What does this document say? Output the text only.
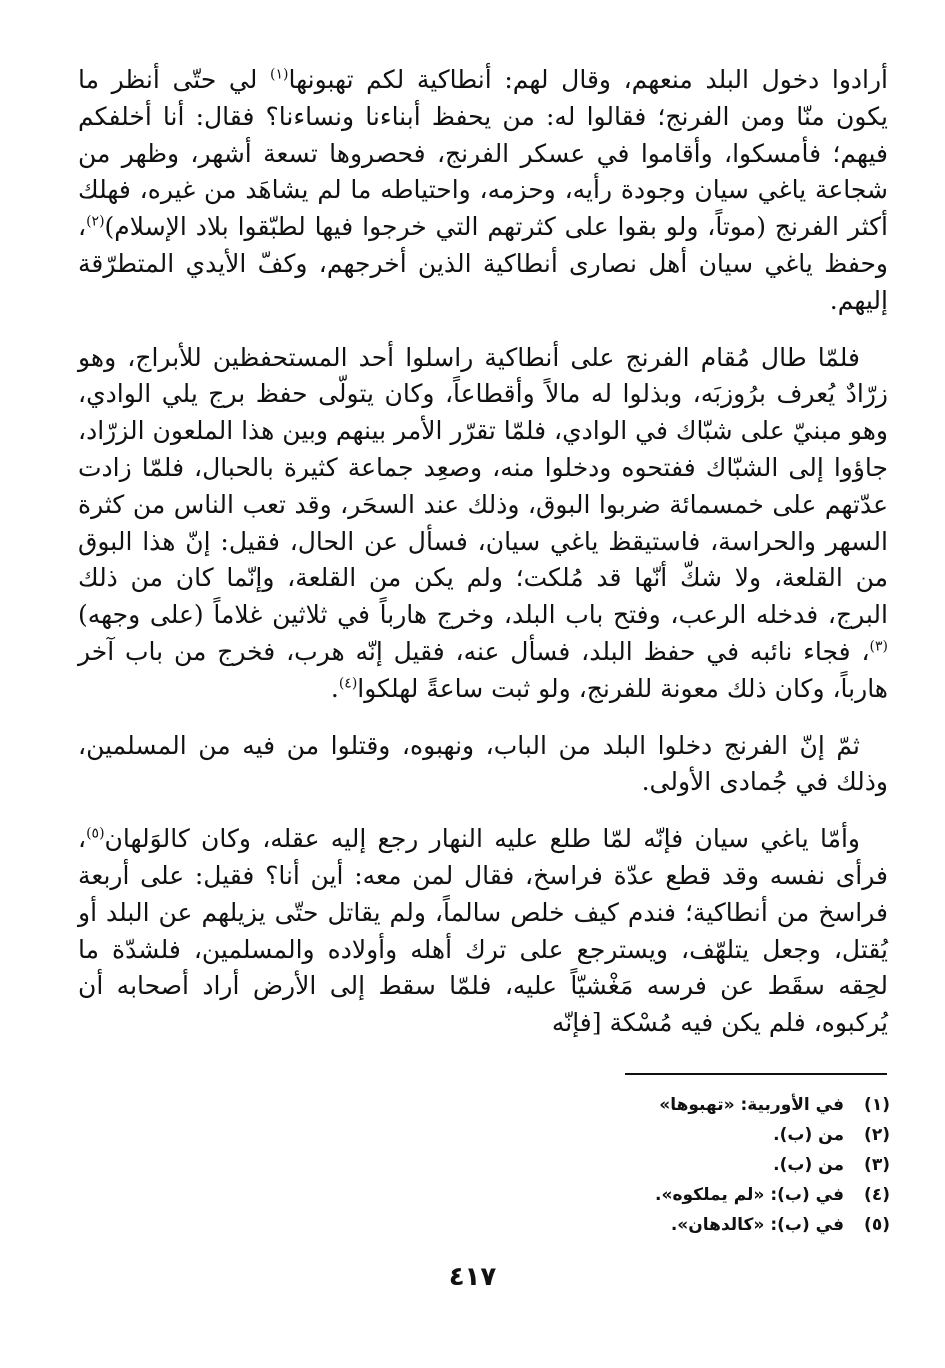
أرادوا دخول البلد منعهم، وقال لهم: أنطاكية لكم تهبونها$^{(١)}$ لي حتّى أنظر ما يكون منّا ومن الفرنج؛ فقالوا له: من يحفظ أبناءنا ونساءنا؟ فقال: أنا أخلفكم فيهم؛ فأمسكوا، وأقاموا في عسكر الفرنج، فحصروها تسعة أشهر، وظهر من شجاعة ياغي سيان وجودة رأيه، وحزمه، واحتياطه ما لم يشاهَد من غيره، فهلك أكثر الفرنج (موتاً، ولو بقوا على كثرتهم التي خرجوا فيها لطبّقوا بلاد الإسلام)$^{(٢)}$، وحفظ ياغي سيان أهل نصارى أنطاكية الذين أخرجهم، وكفّ الأيدي المتطرّقة إليهم.

فلمّا طال مُقام الفرنج على أنطاكية راسلوا أحد المستحفظين للأبراج، وهو زرّادٌ يُعرف برُوزبَه، وبذلوا له مالاً وأقطاعاً، وكان يتولّى حفظ برج يلي الوادي، وهو مبنيّ على شبّاك في الوادي، فلمّا تقرّر الأمر بينهم وبين هذا الملعون الزرّاد، جاؤوا إلى الشبّاك ففتحوه ودخلوا منه، وصعِد جماعة كثيرة بالحبال، فلمّا زادت عدّتهم على خمسمائة ضربوا البوق، وذلك عند السحَر، وقد تعب الناس من كثرة السهر والحراسة، فاستيقظ ياغي سيان، فسأل عن الحال، فقيل: إنّ هذا البوق من القلعة، ولا شكّ أنّها قد مُلكت؛ ولم يكن من القلعة، وإنّما كان من ذلك البرج، فدخله الرعب، وفتح باب البلد، وخرج هارباً في ثلاثين غلاماً (على وجهه)$^{(٣)}$، فجاء نائبه في حفظ البلد، فسأل عنه، فقيل إنّه هرب، فخرج من باب آخر هارباً، وكان ذلك معونة للفرنج، ولو ثبت ساعةً لهلكوا$^{(٤)}$.

ثمّ إنّ الفرنج دخلوا البلد من الباب، ونهبوه، وقتلوا من فيه من المسلمين، وذلك في جُمادى الأولى.

وأمّا ياغي سيان فإنّه لمّا طلع عليه النهار رجع إليه عقله، وكان كالوَلهان$^{(٥)}$، فرأى نفسه وقد قطع عدّة فراسخ، فقال لمن معه: أين أنا؟ فقيل: على أربعة فراسخ من أنطاكية؛ فندم كيف خلص سالماً، ولم يقاتل حتّى يزيلهم عن البلد أو يُقتل، وجعل يتلهّف، ويسترجع على ترك أهله وأولاده والمسلمين، فلشدّة ما لحِقه سقَط عن فرسه مَغْشيّاً عليه، فلمّا سقط إلى الأرض أراد أصحابه أن يُركبوه، فلم يكن فيه مُسْكة [فإنّه

(١)
في الأوربية: «تهبوها»
(٢)
من (ب).
(٣)
من (ب).
(٤)
في (ب): «لم يملكوه».
(٥)
في (ب): «كالدهان».
٤١٧
